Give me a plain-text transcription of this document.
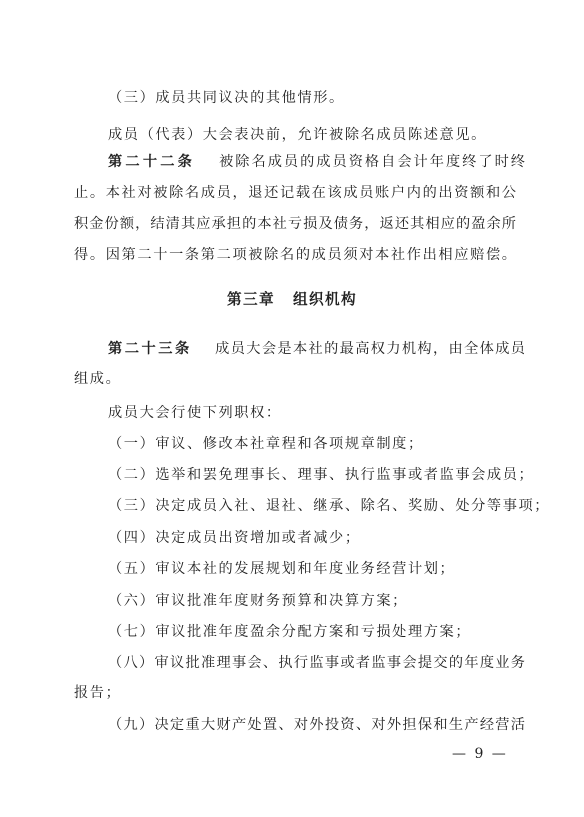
（三）成员共同议决的其他情形。
成员（代表）大会表决前，允许被除名成员陈述意见。
第二十二条 被除名成员的成员资格自会计年度终了时终
止。本社对被除名成员，退还记载在该成员账户内的出资额和公
积金份额，结清其应承担的本社亏损及债务，返还其相应的盈余所
得。因第二十一条第二项被除名的成员须对本社作出相应赔偿。
第三章 组织机构
第二十三条 成员大会是本社的最高权力机构，由全体成员
组成。
成员大会行使下列职权：
（一）审议、修改本社章程和各项规章制度；
（二）选举和罢免理事长、理事、执行监事或者监事会成员；
（三）决定成员入社、退社、继承、除名、奖励、处分等事项；
（四）决定成员出资增加或者减少；
（五）审议本社的发展规划和年度业务经营计划；
（六）审议批准年度财务预算和决算方案；
（七）审议批准年度盈余分配方案和亏损处理方案；
（八）审议批准理事会、执行监事或者监事会提交的年度业务
报告；
（九）决定重大财产处置、对外投资、对外担保和生产经营活
— 9 —
